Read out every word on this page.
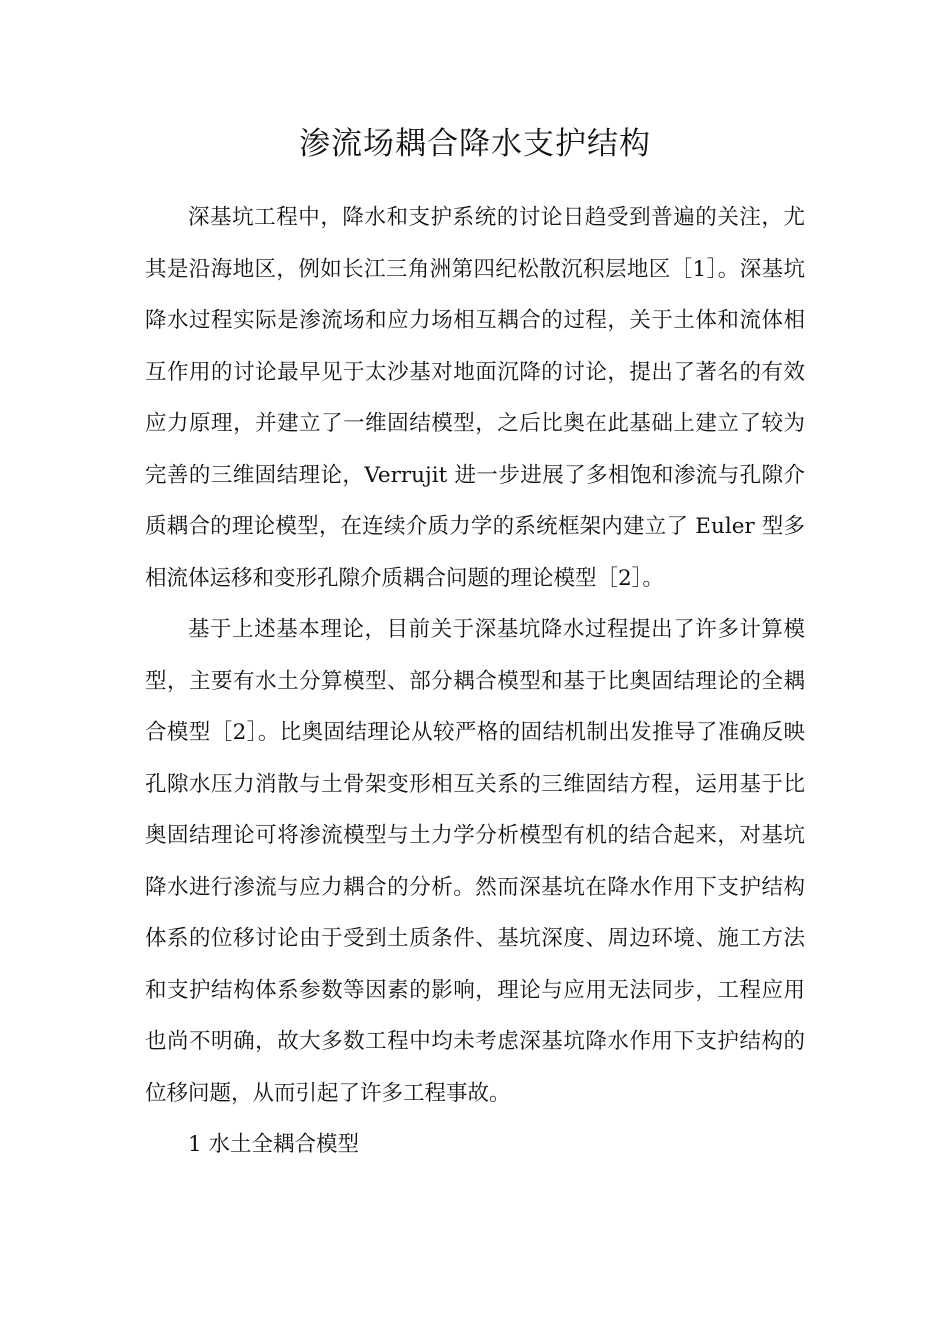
渗流场耦合降水支护结构

深基坑工程中，降水和支护系统的讨论日趋受到普遍的关注，尤其是沿海地区，例如长江三角洲第四纪松散沉积层地区［1］。深基坑降水过程实际是渗流场和应力场相互耦合的过程，关于土体和流体相互作用的讨论最早见于太沙基对地面沉降的讨论，提出了著名的有效应力原理，并建立了一维固结模型，之后比奥在此基础上建立了较为完善的三维固结理论，Verrujit 进一步进展了多相饱和渗流与孔隙介质耦合的理论模型，在连续介质力学的系统框架内建立了 Euler 型多相流体运移和变形孔隙介质耦合问题的理论模型［2］。

基于上述基本理论，目前关于深基坑降水过程提出了许多计算模型，主要有水土分算模型、部分耦合模型和基于比奥固结理论的全耦合模型［2］。比奥固结理论从较严格的固结机制出发推导了准确反映孔隙水压力消散与土骨架变形相互关系的三维固结方程，运用基于比奥固结理论可将渗流模型与土力学分析模型有机的结合起来，对基坑降水进行渗流与应力耦合的分析。然而深基坑在降水作用下支护结构体系的位移讨论由于受到土质条件、基坑深度、周边环境、施工方法和支护结构体系参数等因素的影响，理论与应用无法同步，工程应用也尚不明确，故大多数工程中均未考虑深基坑降水作用下支护结构的位移问题，从而引起了许多工程事故。

1 水土全耦合模型
